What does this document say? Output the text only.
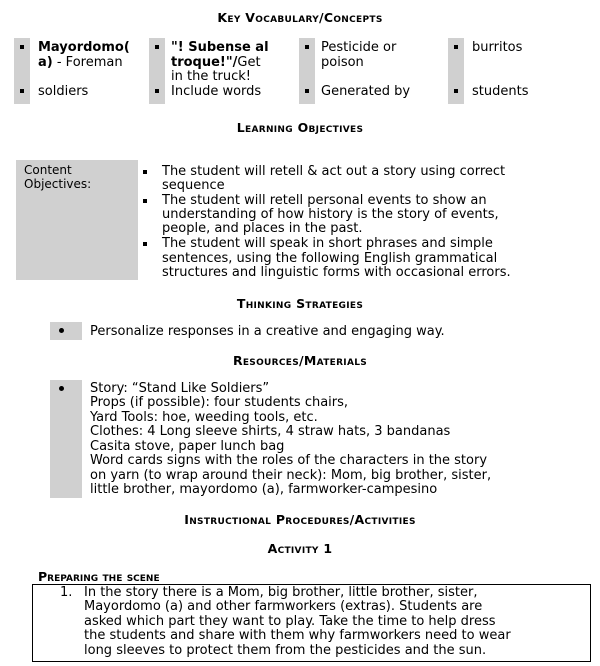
Key Vocabulary/Concepts
Mayordomo(
a) - Foreman
soldiers
"! Subense al
troque!"/Get
in the truck!
Include words
Pesticide or
poison
Generated by
burritos
students
Learning Objectives
Content
Objectives:
The student will retell & act out a story using correct
sequence
The student will retell personal events to show an
understanding of how history is the story of events,
people, and places in the past.
The student will speak in short phrases and simple
sentences, using the following English grammatical
structures and linguistic forms with occasional errors.
Thinking Strategies
Personalize responses in a creative and engaging way.
Resources/Materials
Story: “Stand Like Soldiers”
Props (if possible): four students chairs,
Yard Tools: hoe, weeding tools, etc.
Clothes: 4 Long sleeve shirts, 4 straw hats, 3 bandanas
Casita stove, paper lunch bag
Word cards signs with the roles of the characters in the story
on yarn (to wrap around their neck): Mom, big brother, sister,
little brother, mayordomo (a), farmworker-campesino
Instructional Procedures/Activities
Activity 1
Preparing the scene
1. In the story there is a Mom, big brother, little brother, sister,
Mayordomo (a) and other farmworkers (extras). Students are
asked which part they want to play. Take the time to help dress
the students and share with them why farmworkers need to wear
long sleeves to protect them from the pesticides and the sun.
